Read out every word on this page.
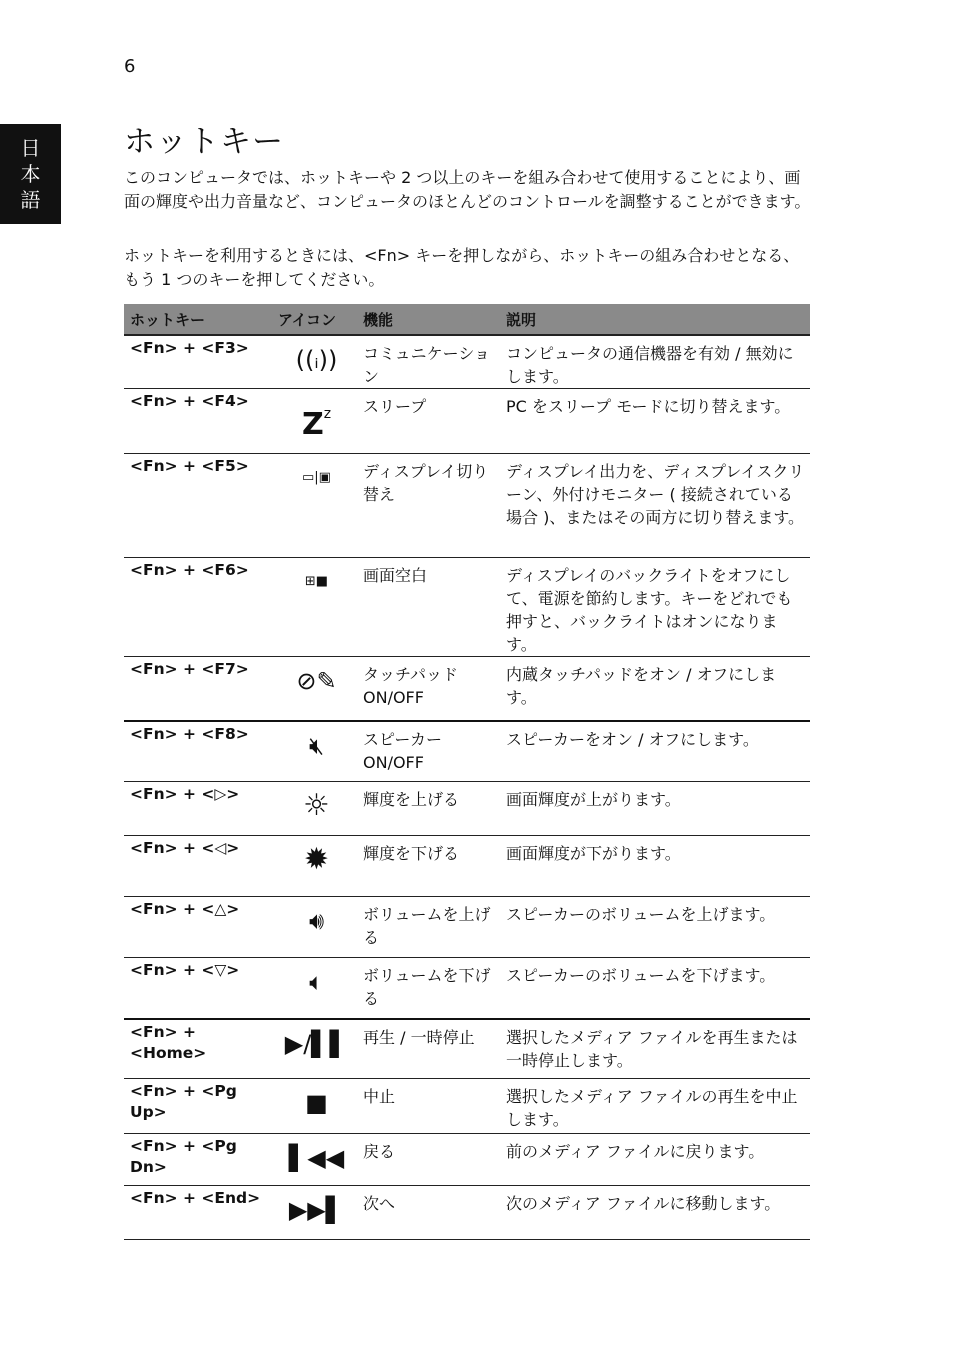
6
日
本
語
ホットキー

このコンピュータでは、ホットキーや 2 つ以上のキーを組み合わせて使用することにより、画面の輝度や出力音量など、コンピュータのほとんどのコントロールを調整することができます。

ホットキーを利用するときには、<Fn> キーを押しながら、ホットキーの組み合わせとなる、もう 1 つのキーを押してください。

ホットキー	アイコン	機能	説明
<Fn> + <F3>	((ᵢ))	コミュニケーション	コンピュータの通信機器を有効 / 無効にします。
<Fn> + <F4>	$Z^z$	スリープ	PC をスリープ モードに切り替えます。
<Fn> + <F5>	▭|▣	ディスプレイ切り替え	ディスプレイ出力を、ディスプレイスクリーン、外付けモニター ( 接続されている場合 )、またはその両方に切り替えます。
<Fn> + <F6>	⊞■	画面空白	ディスプレイのバックライトをオフにして、電源を節約します。キーをどれでも押すと、バックライトはオンになります。
<Fn> + <F7>	⊘✎	タッチパッド ON/OFF	内蔵タッチパッドをオン / オフにします。
<Fn> + <F8>	🔇︎	スピーカー ON/OFF	スピーカーをオン / オフにします。
<Fn> + <▷>	☼	輝度を上げる	画面輝度が上がります。
<Fn> + <◁>	✹	輝度を下げる	画面輝度が下がります。
<Fn> + <△>	🔊︎	ボリュームを上げる	スピーカーのボリュームを上げます。
<Fn> + <▽>	🔈︎	ボリュームを下げる	スピーカーのボリュームを下げます。
<Fn> + <Home>	▶/▌▌	再生 / 一時停止	選択したメディア ファイルを再生または一時停止します。
<Fn> + <Pg Up>	■	中止	選択したメディア ファイルの再生を中止します。
<Fn> + <Pg Dn>	▌◀◀	戻る	前のメディア ファイルに戻ります。
<Fn> + <End>	▶▶▌	次へ	次のメディア ファイルに移動します。
